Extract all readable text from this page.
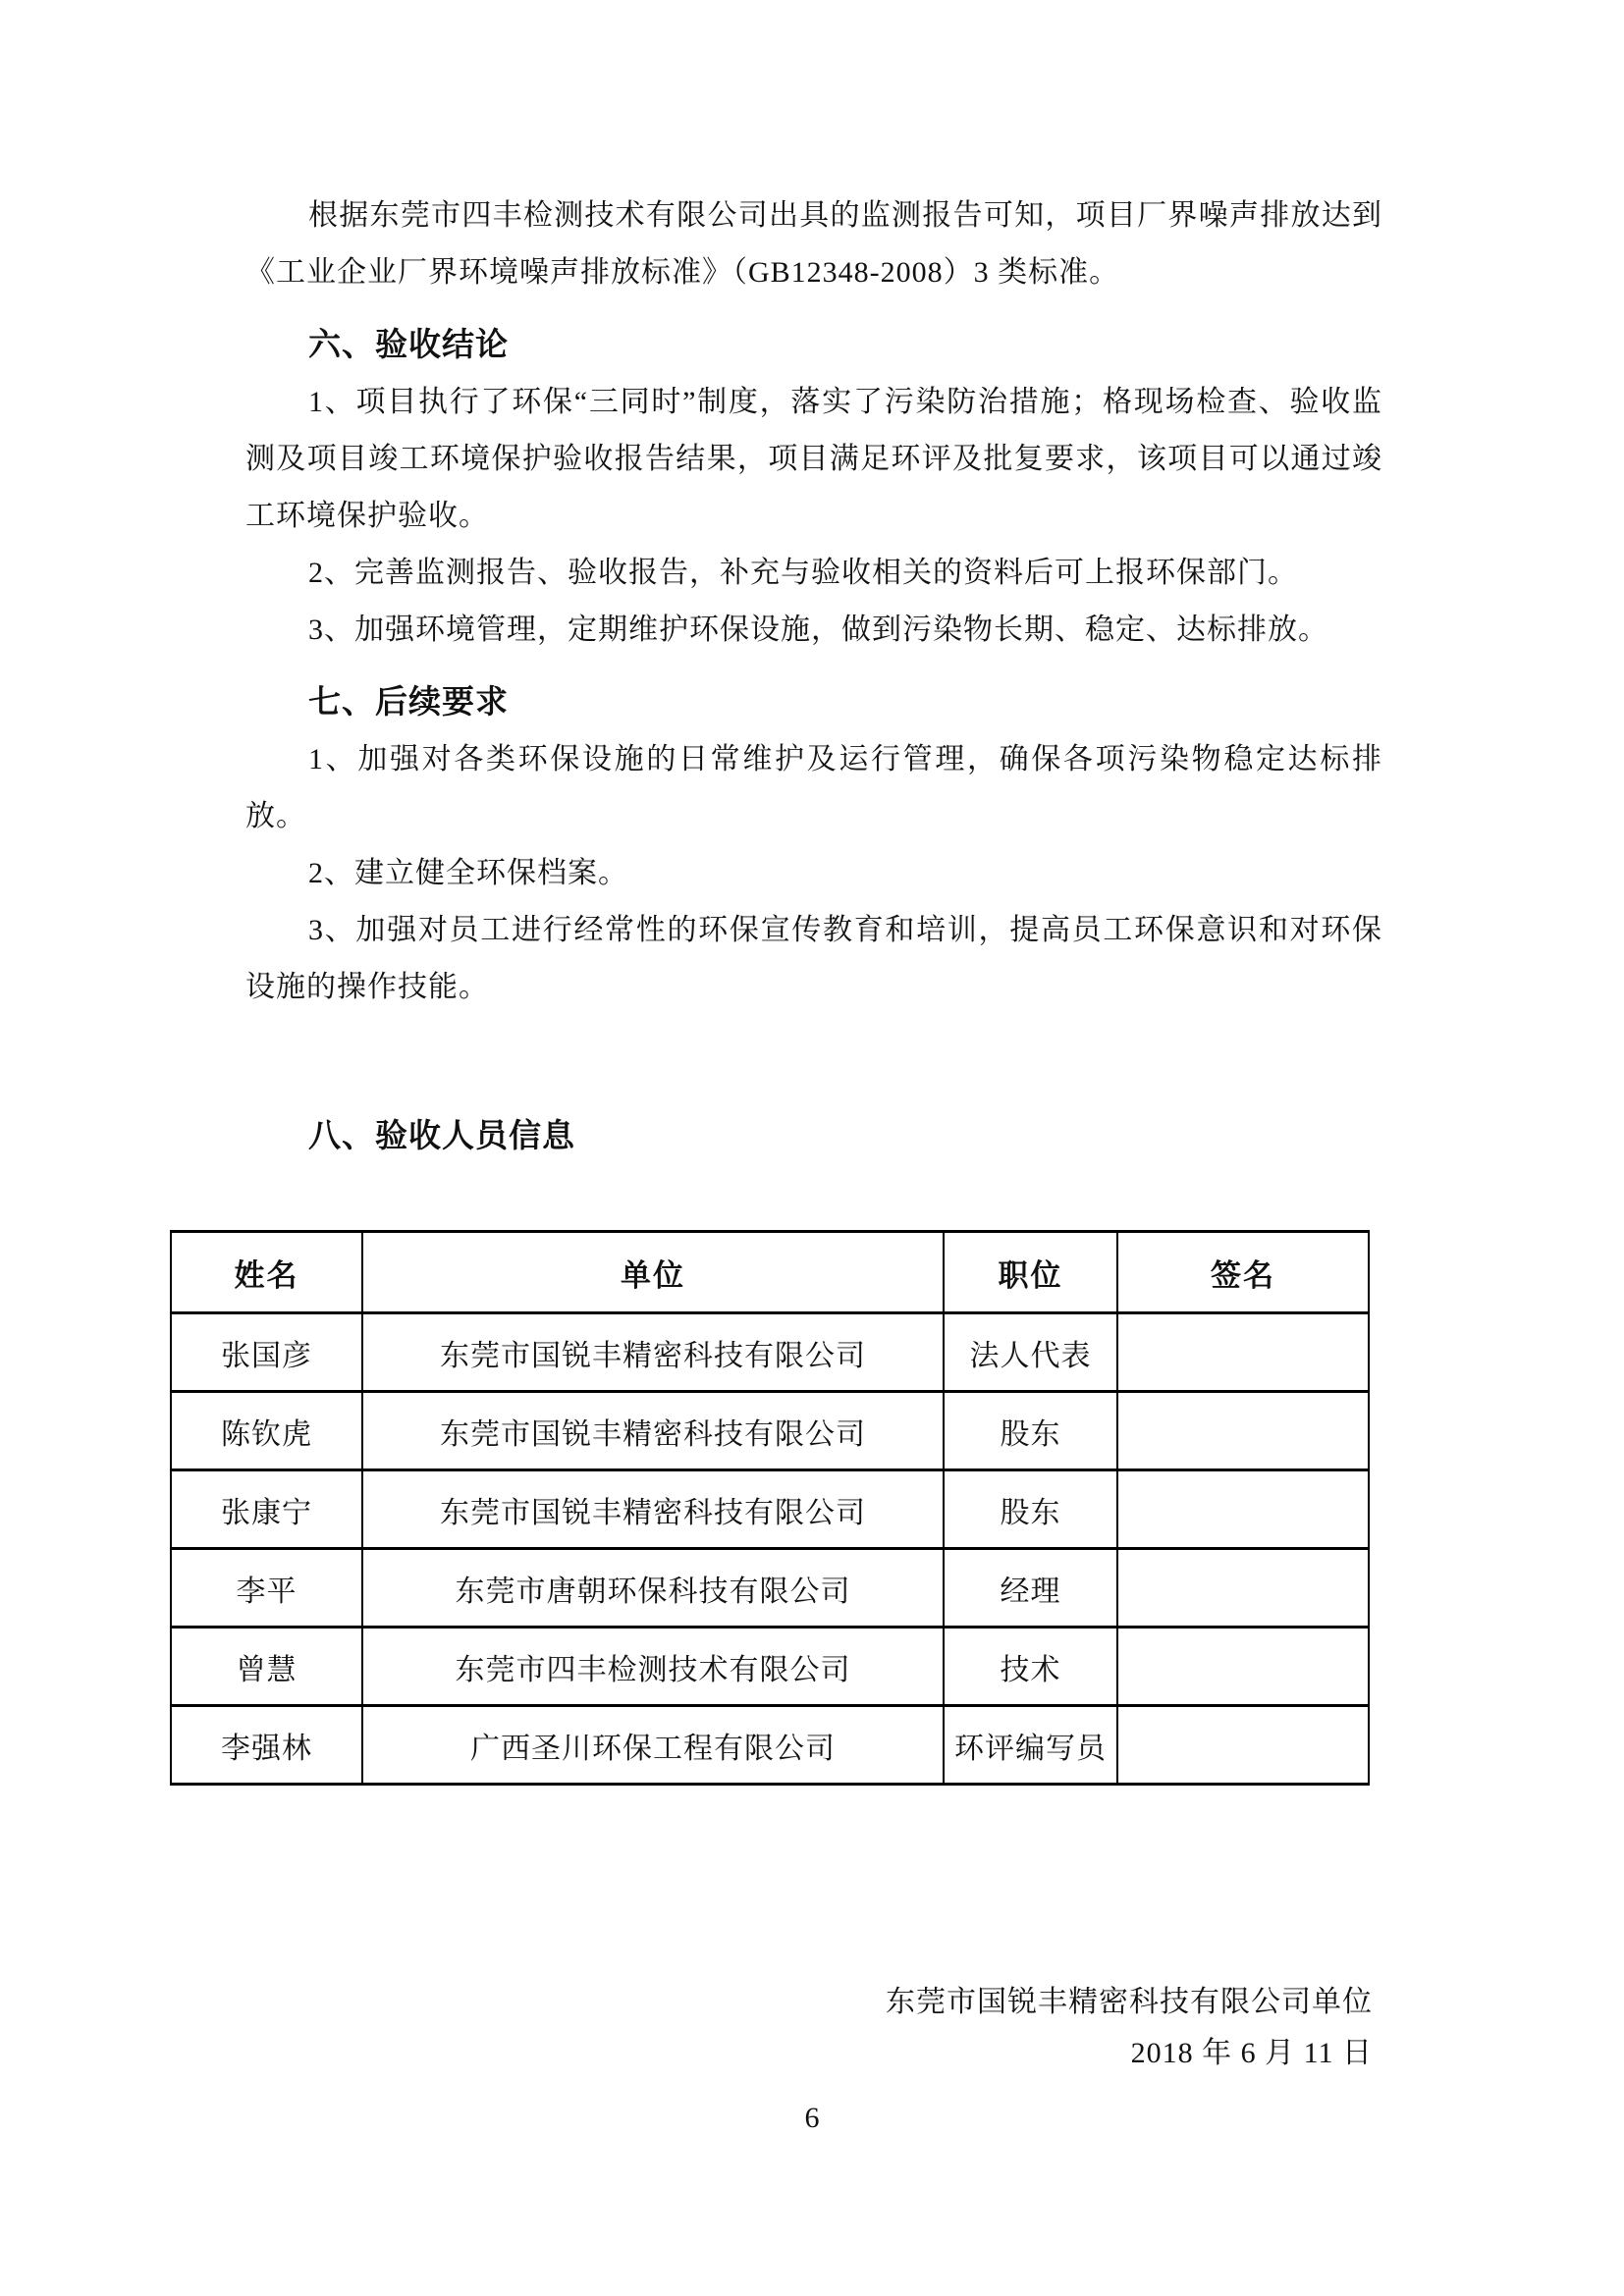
根据东莞市四丰检测技术有限公司出具的监测报告可知，项目厂界噪声排放达到《工业企业厂界环境噪声排放标准》（GB12348-2008）3 类标准。

六、验收结论

1、项目执行了环保“三同时”制度，落实了污染防治措施；格现场检查、验收监测及项目竣工环境保护验收报告结果，项目满足环评及批复要求，该项目可以通过竣工环境保护验收。

2、完善监测报告、验收报告，补充与验收相关的资料后可上报环保部门。

3、加强环境管理，定期维护环保设施，做到污染物长期、稳定、达标排放。

七、后续要求

1、加强对各类环保设施的日常维护及运行管理，确保各项污染物稳定达标排放。

2、建立健全环保档案。

3、加强对员工进行经常性的环保宣传教育和培训，提高员工环保意识和对环保设施的操作技能。

八、验收人员信息
姓名	单位	职位	签名
张国彦	东莞市国锐丰精密科技有限公司	法人代表	
陈钦虎	东莞市国锐丰精密科技有限公司	股东	
张康宁	东莞市国锐丰精密科技有限公司	股东	
李平	东莞市唐朝环保科技有限公司	经理	
曾慧	东莞市四丰检测技术有限公司	技术	
李强林	广西圣川环保工程有限公司	环评编写员	

东莞市国锐丰精密科技有限公司单位

2018 年 6 月 11 日

6
